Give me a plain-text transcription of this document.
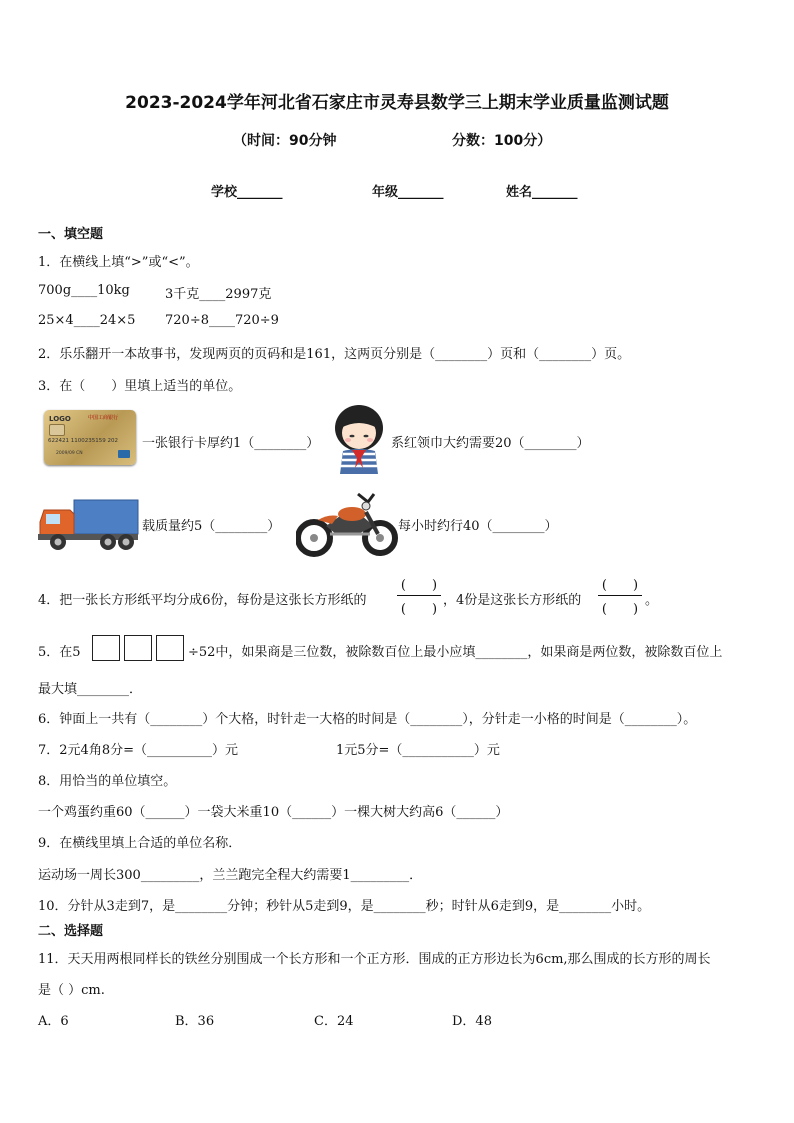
2023-2024学年河北省石家庄市灵寿县数学三上期末学业质量监测试题
（时间：90分钟	分数：100分）
学校_______	年级_______	姓名_______
一、填空题
1．在横线上填“>”或“<”。
700g____10kg	3千克____2997克
25×4____24×5 720÷8____720÷9
2．乐乐翻开一本故事书，发现两页的页码和是161，这两页分别是（________）页和（________）页。
3．在（　　）里填上适当的单位。
LOGO	中国工商银行
622421 1100235159 202
2009/09 CN
一张银行卡厚约1（________）	系红领巾大约需要20（________）
载质量约5（________）	每小时约行40（________）
4．把一张长方形纸平均分成6份，每份是这张长方形纸的
(　　)
(　　)
，4份是这张长方形纸的
(　　)
(　　)
。
5．在5	÷52中，如果商是三位数，被除数百位上最小应填________，如果商是两位数，被除数百位上
最大填________．
6．钟面上一共有（________）个大格，时针走一大格的时间是（________），分针走一小格的时间是（________）。
7．2元4角8分=（__________）元	1元5分=（___________）元
8．用恰当的单位填空。
一个鸡蛋约重60（______）一袋大米重10（______）一棵大树大约高6（______）
9．在横线里填上合适的单位名称．
运动场一周长300_________，兰兰跑完全程大约需要1_________．
10．分针从3走到7，是________分钟；秒针从5走到9，是________秒；时针从6走到9，是________小时。
二、选择题
11．天天用两根同样长的铁丝分别围成一个长方形和一个正方形．围成的正方形边长为6cm,那么围成的长方形的周长
是（ ）cm.
A．6	B．36	C．24	D．48
